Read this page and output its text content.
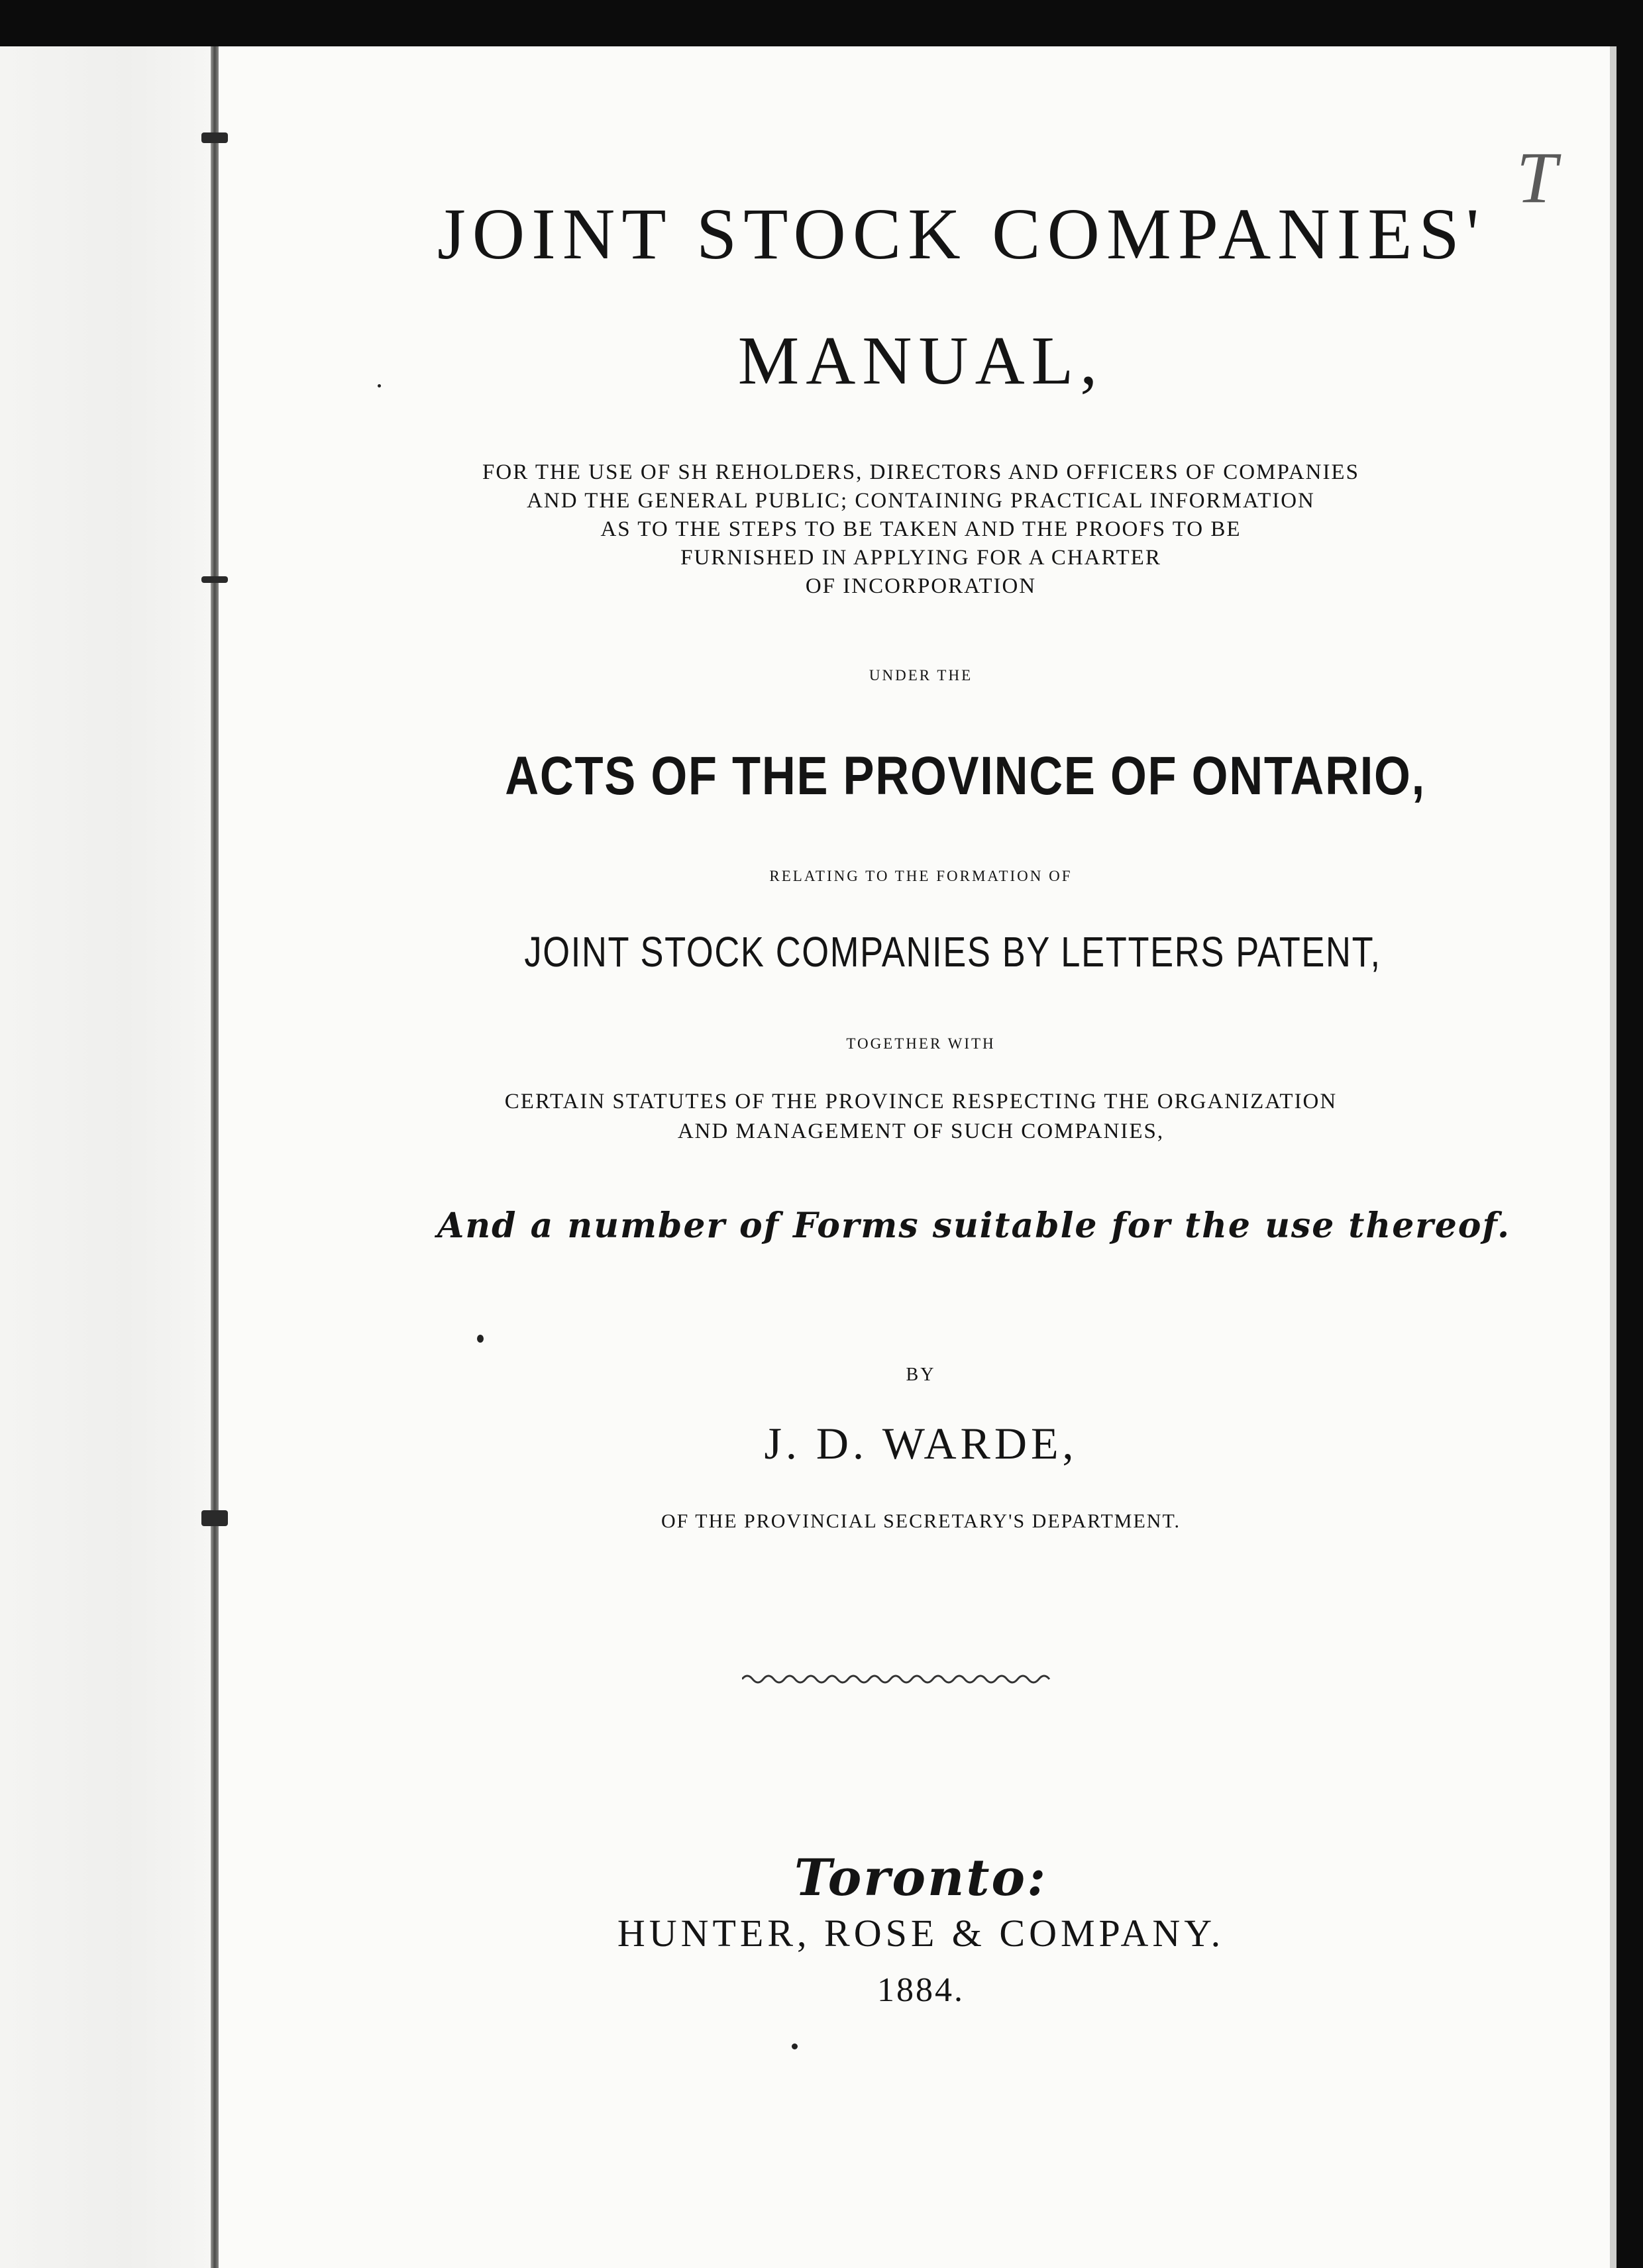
T

JOINT STOCK COMPANIES'

MANUAL,

FOR THE USE OF SH REHOLDERS, DIRECTORS AND OFFICERS OF COMPANIES

AND THE GENERAL PUBLIC; CONTAINING PRACTICAL INFORMATION

AS TO THE STEPS TO BE TAKEN AND THE PROOFS TO BE

FURNISHED IN APPLYING FOR A CHARTER

OF INCORPORATION

UNDER THE

ACTS OF THE PROVINCE OF ONTARIO,

RELATING TO THE FORMATION OF

JOINT STOCK COMPANIES BY LETTERS PATENT,

TOGETHER WITH

CERTAIN STATUTES OF THE PROVINCE RESPECTING THE ORGANIZATION

AND MANAGEMENT OF SUCH COMPANIES,

And a number of Forms suitable for the use thereof.

BY

J. D. WARDE,

OF THE PROVINCIAL SECRETARY'S DEPARTMENT.

Toronto:

HUNTER, ROSE & COMPANY.

1884.
